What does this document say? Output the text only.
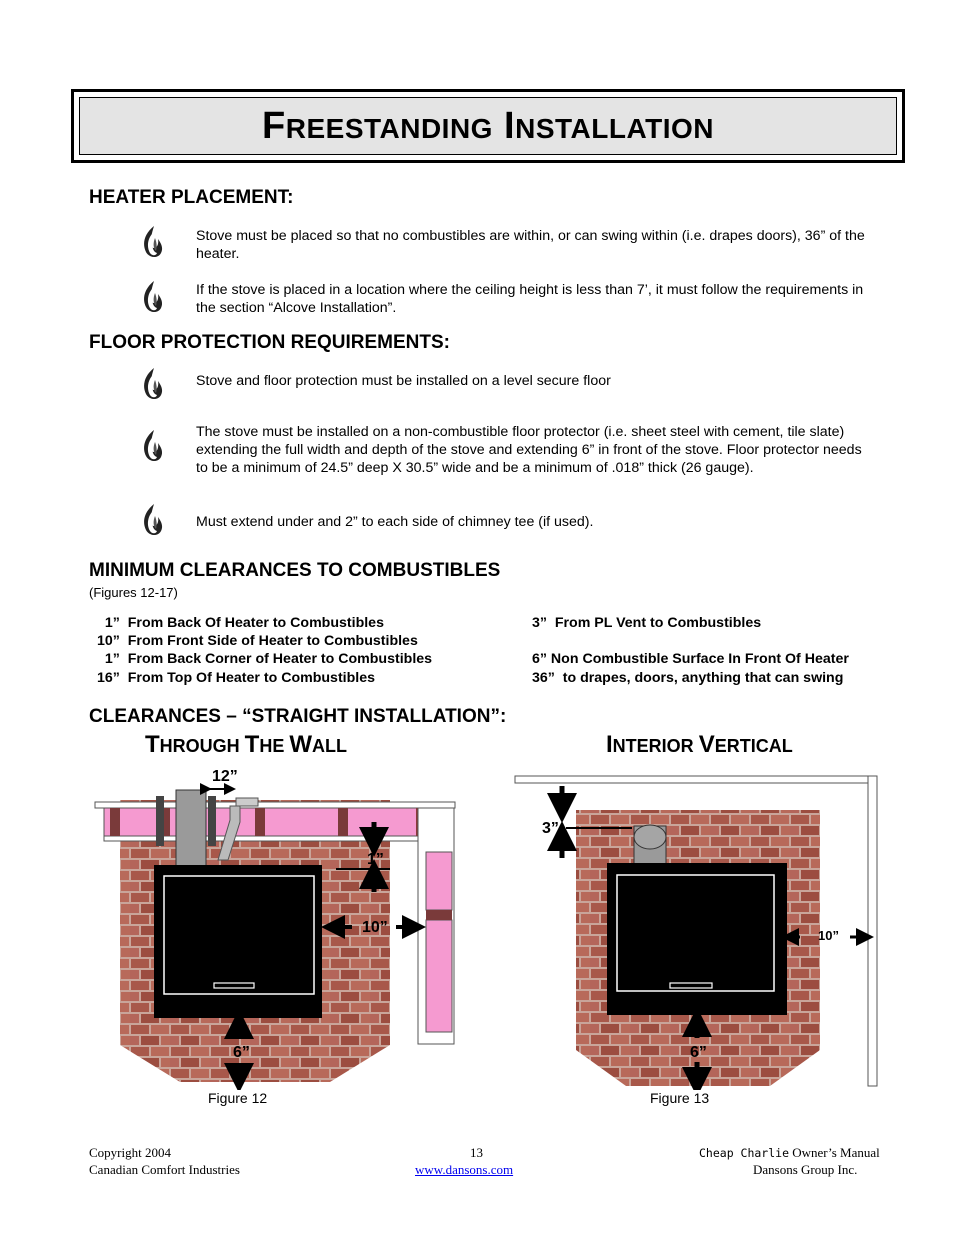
FREESTANDING INSTALLATION
HEATER PLACEMENT:
Stove must be placed so that no combustibles are within, or can swing within (i.e. drapes doors), 36” of the heater.
If the stove is placed in a location where the ceiling height is less than 7’, it must follow the requirements in the section “Alcove Installation”.
FLOOR PROTECTION REQUIREMENTS:
Stove and floor protection must be installed on a level secure floor
The stove must be installed on a non-combustible floor protector (i.e. sheet steel with cement, tile slate) extending the full width and depth of the stove and extending 6” in front of the stove. Floor protector needs to be a minimum of 24.5” deep X 30.5” wide and be a minimum of .018” thick (26 gauge).
Must extend under and 2” to each side of chimney tee (if used).
MINIMUM CLEARANCES TO COMBUSTIBLES
(Figures 12-17)
1”  From Back Of Heater to Combustibles
10”  From Front Side of Heater to Combustibles
1”  From Back Corner of Heater to Combustibles
16”  From Top Of Heater to Combustibles
3”  From PL Vent to Combustibles
6” Non Combustible Surface In Front Of Heater
36”  to drapes, doors, anything that can swing
CLEARANCES – “STRAIGHT INSTALLATION”:
THROUGH THE WALL	INTERIOR VERTICAL
12”
1”
10”
6”
Figure 12
3”
10”
6”
Figure 13
Copyright 2004
Canadian Comfort Industries
13
www.dansons.com
Cheap Charlie Owner’s Manual
Dansons Group Inc.
